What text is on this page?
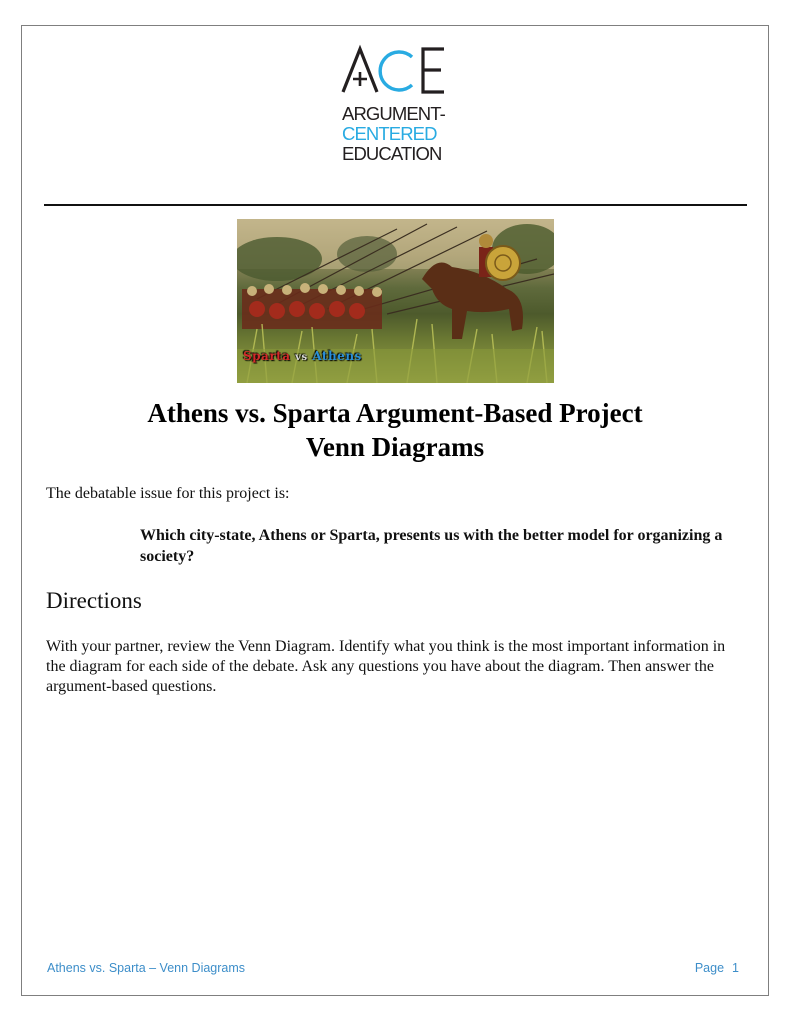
ARGUMENT-
CENTERED
EDUCATION
Sparta vs Athens
Athens vs. Sparta Argument-Based Project
Venn Diagrams
The debatable issue for this project is:
Which city-state, Athens or Sparta, presents us with the better model for organizing a society?
Directions
With your partner, review the Venn Diagram. Identify what you think is the most important information in the diagram for each side of the debate. Ask any questions you have about the diagram. Then answer the argument-based questions.
Athens vs. Sparta – Venn Diagrams	Page 1
